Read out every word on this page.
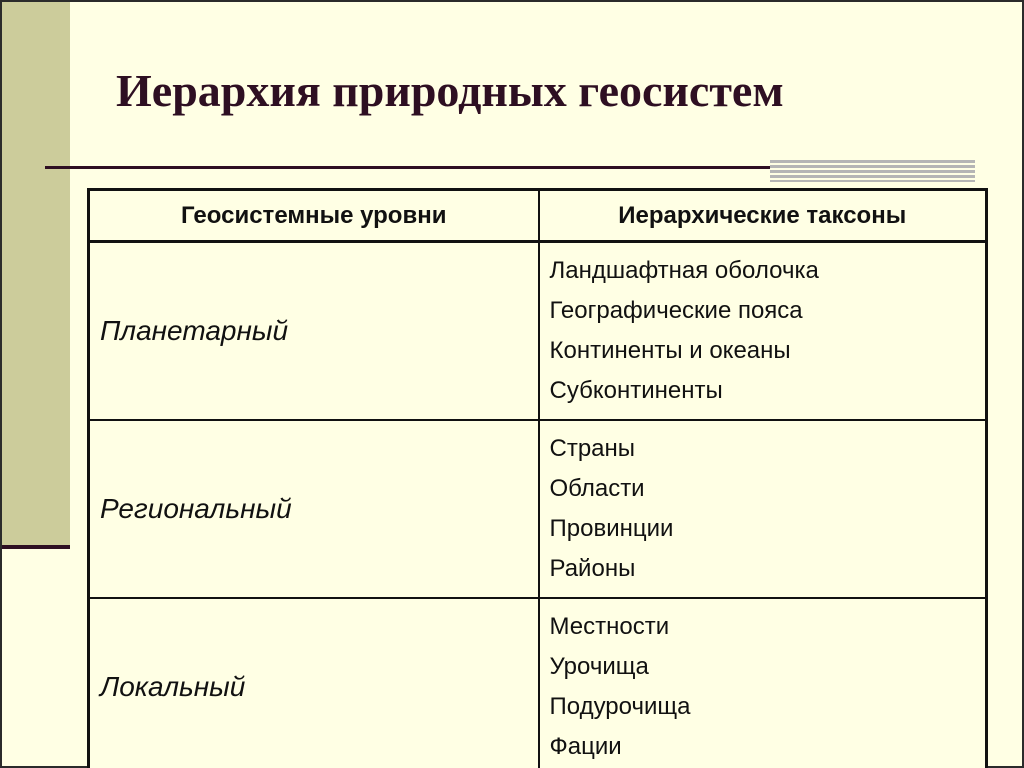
Иерархия природных геосистем
Геосистемные уровни	Иерархические таксоны
Планетарный	Ландшафтная оболочка
Географические пояса
Континенты и океаны
Субконтиненты

Региональный	Страны
Области
Провинции
Районы

Локальный	Местности
Урочища
Подурочища
Фации
